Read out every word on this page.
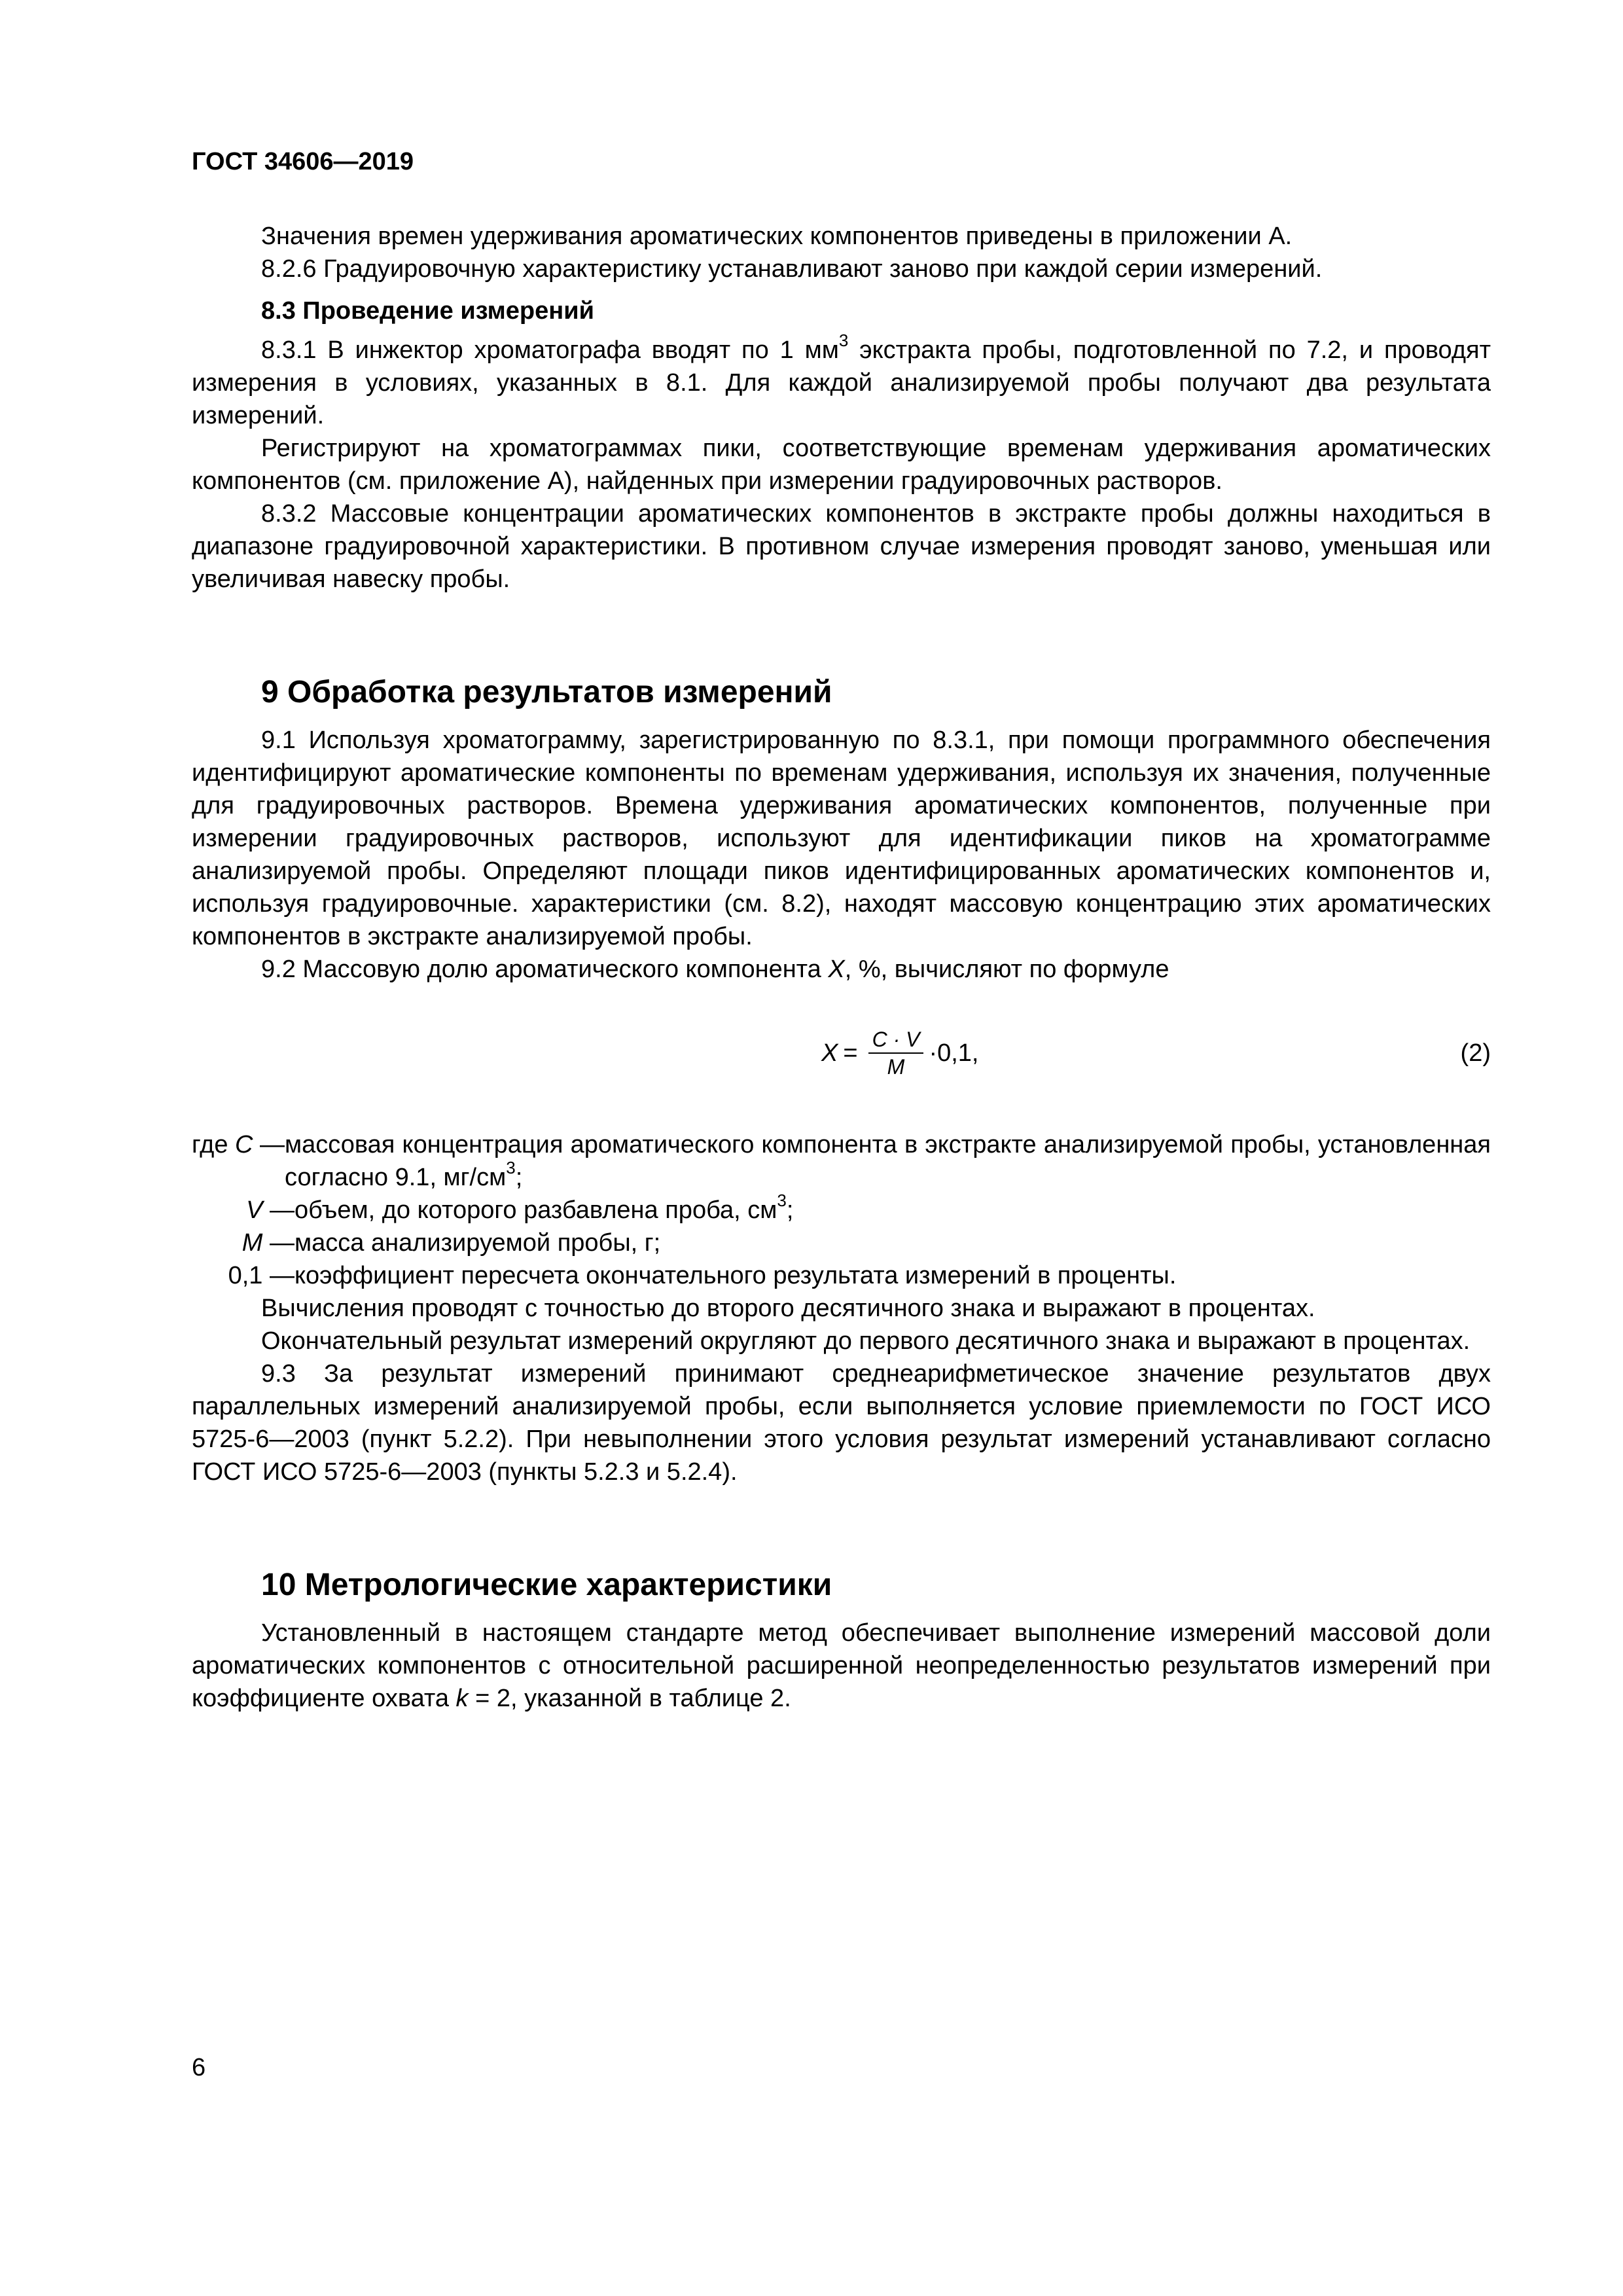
ГОСТ 34606—2019

Значения времен удерживания ароматических компонентов приведены в приложении А.

8.2.6 Градуировочную характеристику устанавливают заново при каждой серии измерений.

8.3 Проведение измерений

8.3.1 В инжектор хроматографа вводят по 1 $мм^3$ экстракта пробы, подготовленной по 7.2, и проводят измерения в условиях, указанных в 8.1. Для каждой анализируемой пробы получают два результата измерений.

Регистрируют на хроматограммах пики, соответствующие временам удерживания ароматических компонентов (см. приложение А), найденных при измерении градуировочных растворов.

8.3.2 Массовые концентрации ароматических компонентов в экстракте пробы должны находиться в диапазоне градуировочной характеристики. В противном случае измерения проводят заново, уменьшая или увеличивая навеску пробы.

9 Обработка результатов измерений

9.1 Используя хроматограмму, зарегистрированную по 8.3.1, при помощи программного обеспечения идентифицируют ароматические компоненты по временам удерживания, используя их значения, полученные для градуировочных растворов. Времена удерживания ароматических компонентов, полученные при измерении градуировочных растворов, используют для идентификации пиков на хроматограмме анализируемой пробы. Определяют площади пиков идентифицированных ароматических компонентов и, используя градуировочные. характеристики (см. 8.2), находят массовую концентрацию этих ароматических компонентов в экстракте анализируемой пробы.

9.2 Массовую долю ароматического компонента X, %, вычисляют по формуле

$X = \frac{C \cdot V}{M} \cdot 0,1$,	(2)
где C — массовая концентрация ароматического компонента в экстракте анализируемой пробы, установленная согласно 9.1, $мг/см^3$;
V — объем, до которого разбавлена проба, $см^3$;
M — масса анализируемой пробы, г;
0,1 — коэффициент пересчета окончательного результата измерений в проценты.

Вычисления проводят с точностью до второго десятичного знака и выражают в процентах.

Окончательный результат измерений округляют до первого десятичного знака и выражают в процентах.

9.3 За результат измерений принимают среднеарифметическое значение результатов двух параллельных измерений анализируемой пробы, если выполняется условие приемлемости по ГОСТ ИСО 5725-6—2003 (пункт 5.2.2). При невыполнении этого условия результат измерений устанавливают согласно ГОСТ ИСО 5725-6—2003 (пункты 5.2.3 и 5.2.4).

10 Метрологические характеристики

Установленный в настоящем стандарте метод обеспечивает выполнение измерений массовой доли ароматических компонентов с относительной расширенной неопределенностью результатов измерений при коэффициенте охвата k = 2, указанной в таблице 2.

6
